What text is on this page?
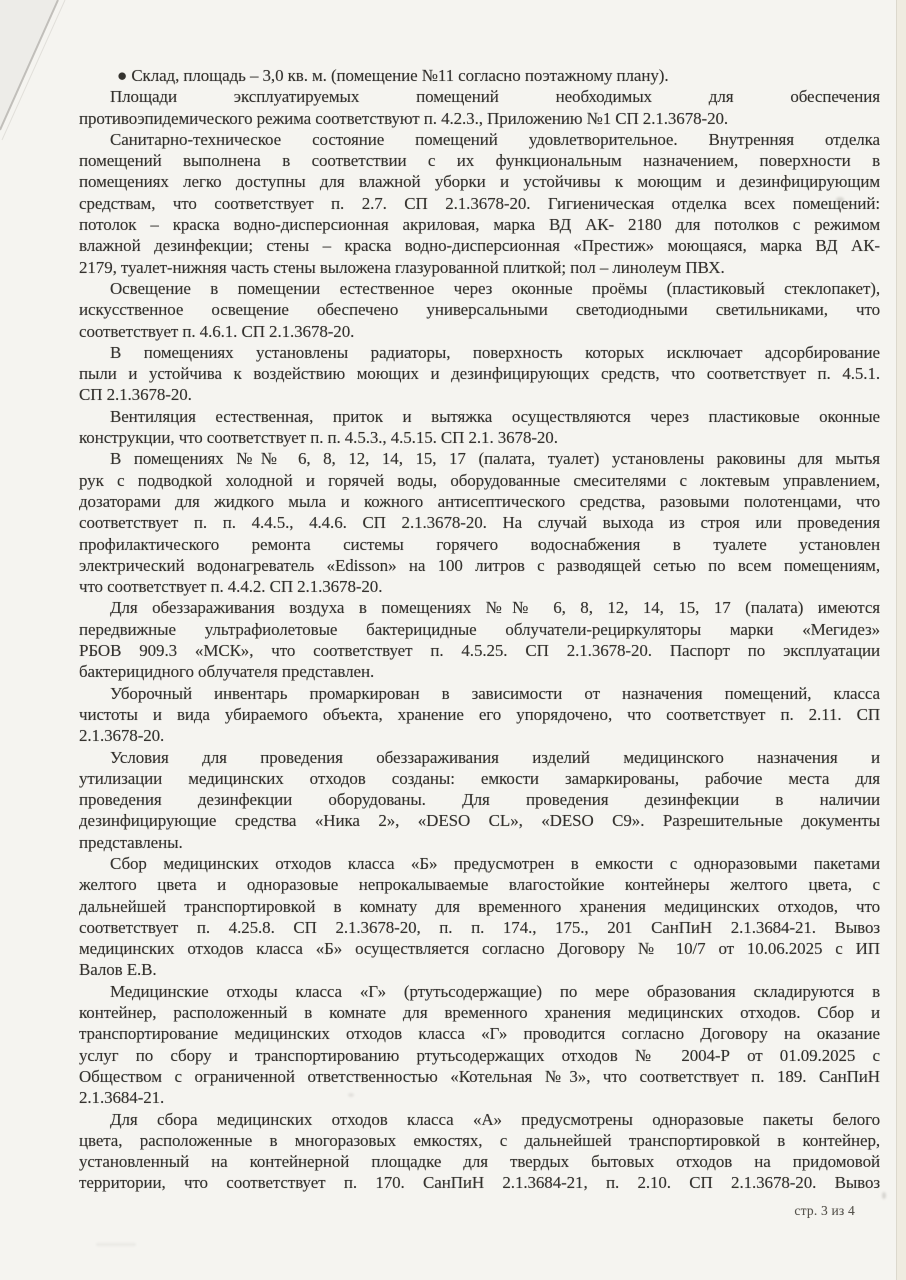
● Склад, площадь – 3,0 кв. м. (помещение №11 согласно поэтажному плану).
Площади эксплуатируемых помещений необходимых для обеспечения
противоэпидемического режима соответствуют п. 4.2.3., Приложению №1 СП 2.1.3678-20.
Санитарно-техническое состояние помещений удовлетворительное. Внутренняя отделка
помещений выполнена в соответствии с их функциональным назначением, поверхности в
помещениях легко доступны для влажной уборки и устойчивы к моющим и дезинфицирующим
средствам, что соответствует п. 2.7. СП 2.1.3678-20. Гигиеническая отделка всех помещений:
потолок – краска водно-дисперсионная акриловая, марка ВД АК- 2180 для потолков с режимом
влажной дезинфекции; стены – краска водно-дисперсионная «Престиж» моющаяся, марка ВД АК-
2179, туалет-нижняя часть стены выложена глазурованной плиткой; пол – линолеум ПВХ.
Освещение в помещении естественное через оконные проёмы (пластиковый стеклопакет),
искусственное освещение обеспечено универсальными светодиодными светильниками, что
соответствует п. 4.6.1. СП 2.1.3678-20.
В помещениях установлены радиаторы, поверхность которых исключает адсорбирование
пыли и устойчива к воздействию моющих и дезинфицирующих средств, что соответствует п. 4.5.1.
СП 2.1.3678-20.
Вентиляция естественная, приток и вытяжка осуществляются через пластиковые оконные
конструкции, что соответствует п. п. 4.5.3., 4.5.15. СП 2.1. 3678-20.
В помещениях №№ 6, 8, 12, 14, 15, 17 (палата, туалет) установлены раковины для мытья
рук с подводкой холодной и горячей воды, оборудованные смесителями с локтевым управлением,
дозаторами для жидкого мыла и кожного антисептического средства, разовыми полотенцами, что
соответствует п. п. 4.4.5., 4.4.6. СП 2.1.3678-20. На случай выхода из строя или проведения
профилактического ремонта системы горячего водоснабжения в туалете установлен
электрический водонагреватель «Edisson» на 100 литров с разводящей сетью по всем помещениям,
что соответствует п. 4.4.2. СП 2.1.3678-20.
Для обеззараживания воздуха в помещениях №№ 6, 8, 12, 14, 15, 17 (палата) имеются
передвижные ультрафиолетовые бактерицидные облучатели-рециркуляторы марки «Мегидез»
РБОВ 909.3 «МСК», что соответствует п. 4.5.25. СП 2.1.3678-20. Паспорт по эксплуатации
бактерицидного облучателя представлен.
Уборочный инвентарь промаркирован в зависимости от назначения помещений, класса
чистоты и вида убираемого объекта, хранение его упорядочено, что соответствует п. 2.11. СП
2.1.3678-20.
Условия для проведения обеззараживания изделий медицинского назначения и
утилизации медицинских отходов созданы: емкости замаркированы, рабочие места для
проведения дезинфекции оборудованы. Для проведения дезинфекции в наличии
дезинфицирующие средства «Ника 2», «DESO CL», «DESO C9». Разрешительные документы
представлены.
Сбор медицинских отходов класса «Б» предусмотрен в емкости с одноразовыми пакетами
желтого цвета и одноразовые непрокалываемые влагостойкие контейнеры желтого цвета, с
дальнейшей транспортировкой в комнату для временного хранения медицинских отходов, что
соответствует п. 4.25.8. СП 2.1.3678-20, п. п. 174., 175., 201 СанПиН 2.1.3684-21. Вывоз
медицинских отходов класса «Б» осуществляется согласно Договору № 10/7 от 10.06.2025 с ИП
Валов Е.В.
Медицинские отходы класса «Г» (ртутьсодержащие) по мере образования складируются в
контейнер, расположенный в комнате для временного хранения медицинских отходов. Сбор и
транспортирование медицинских отходов класса «Г» проводится согласно Договору на оказание
услуг по сбору и транспортированию ртутьсодержащих отходов № 2004-Р от 01.09.2025 с
Обществом с ограниченной ответственностью «Котельная №3», что соответствует п. 189. СанПиН
2.1.3684-21.
Для сбора медицинских отходов класса «А» предусмотрены одноразовые пакеты белого
цвета, расположенные в многоразовых емкостях, с дальнейшей транспортировкой в контейнер,
установленный на контейнерной площадке для твердых бытовых отходов на придомовой
территории, что соответствует п. 170. СанПиН 2.1.3684-21, п. 2.10. СП 2.1.3678-20. Вывоз
стр. 3 из 4
